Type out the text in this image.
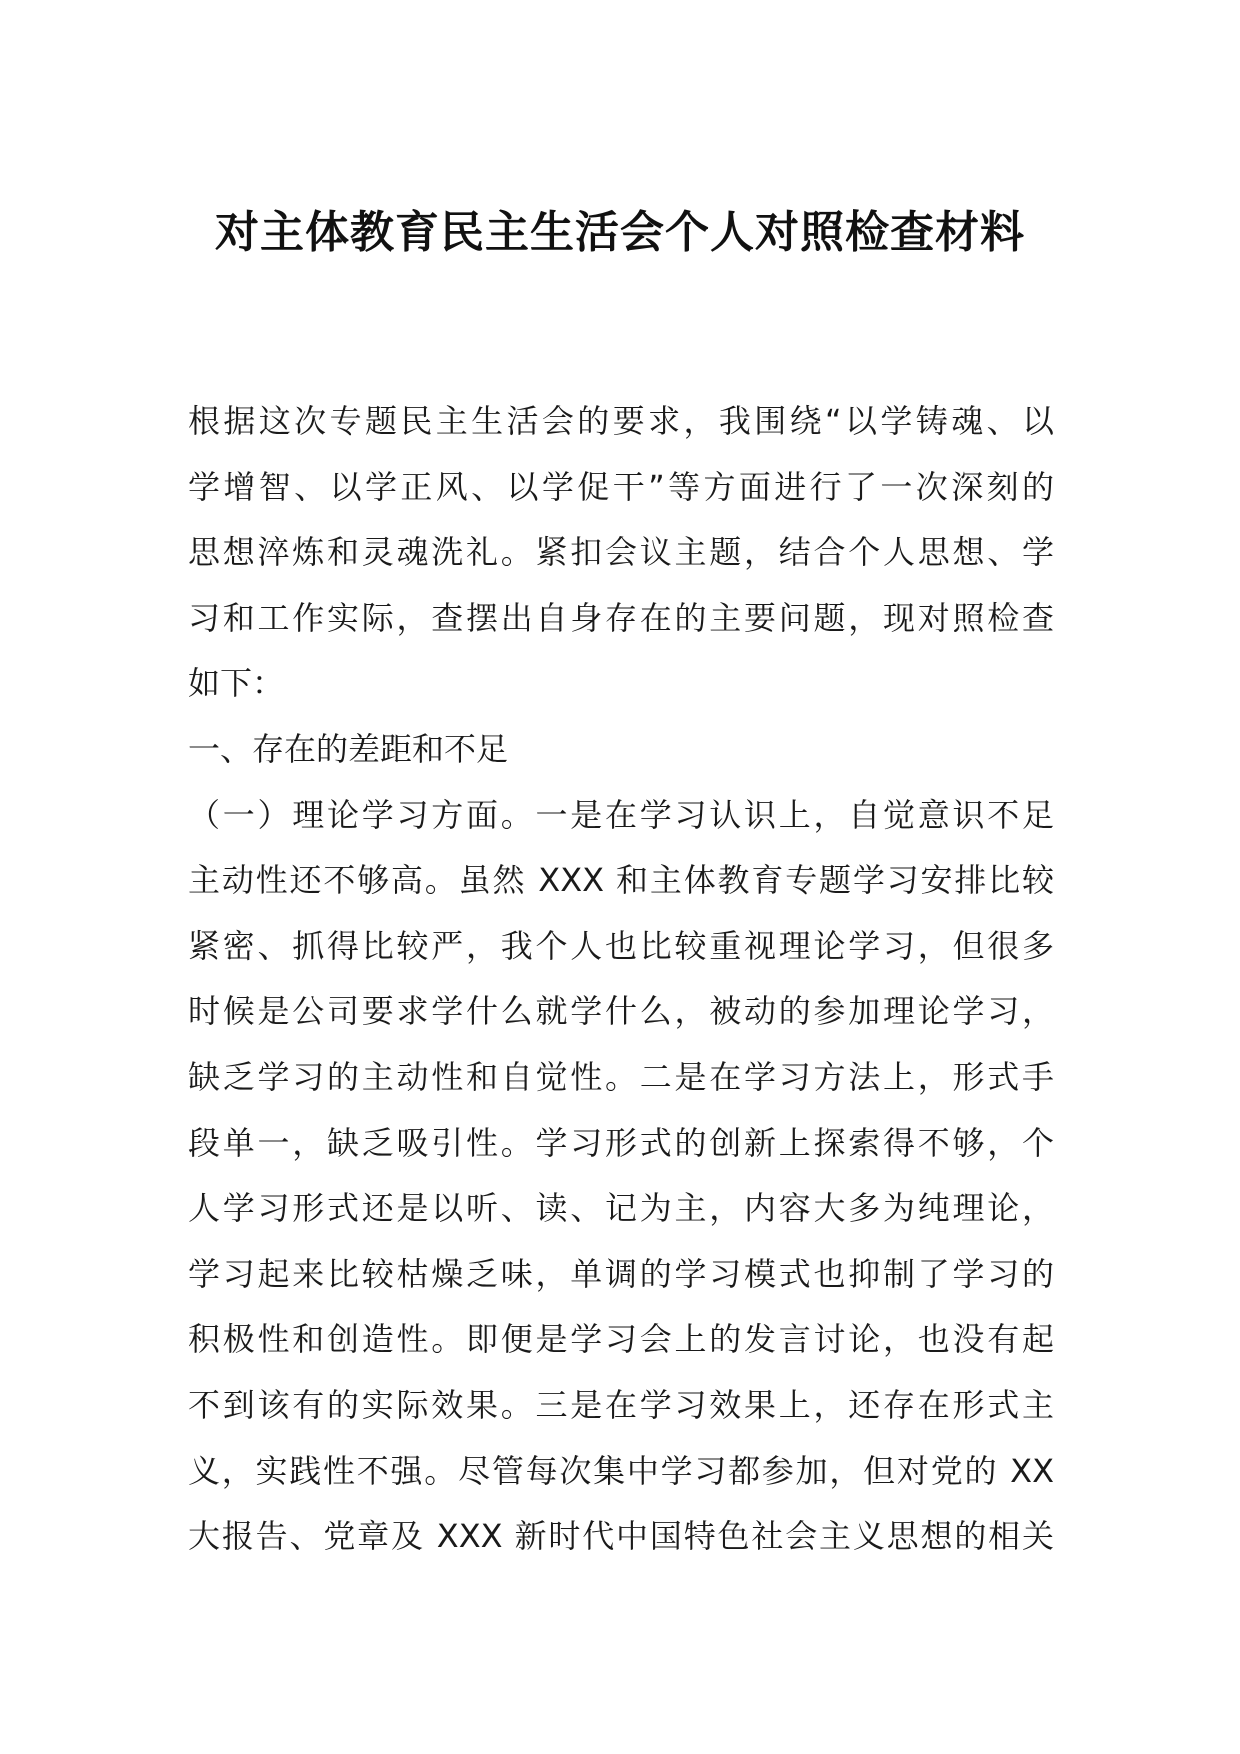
对主体教育民主生活会个人对照检查材料
根据这次专题民主生活会的要求，我围绕“以学铸魂、以
学增智、以学正风、以学促干”等方面进行了一次深刻的
思想淬炼和灵魂洗礼。紧扣会议主题，结合个人思想、学
习和工作实际，查摆出自身存在的主要问题，现对照检查
如下：
一、存在的差距和不足
（一）理论学习方面。一是在学习认识上，自觉意识不足
主动性还不够高。虽然 XXX 和主体教育专题学习安排比较
紧密、抓得比较严，我个人也比较重视理论学习，但很多
时候是公司要求学什么就学什么，被动的参加理论学习，
缺乏学习的主动性和自觉性。二是在学习方法上，形式手
段单一，缺乏吸引性。学习形式的创新上探索得不够，个
人学习形式还是以听、读、记为主，内容大多为纯理论，
学习起来比较枯燥乏味，单调的学习模式也抑制了学习的
积极性和创造性。即便是学习会上的发言讨论，也没有起
不到该有的实际效果。三是在学习效果上，还存在形式主
义，实践性不强。尽管每次集中学习都参加，但对党的 XX
大报告、党章及 XXX 新时代中国特色社会主义思想的相关
